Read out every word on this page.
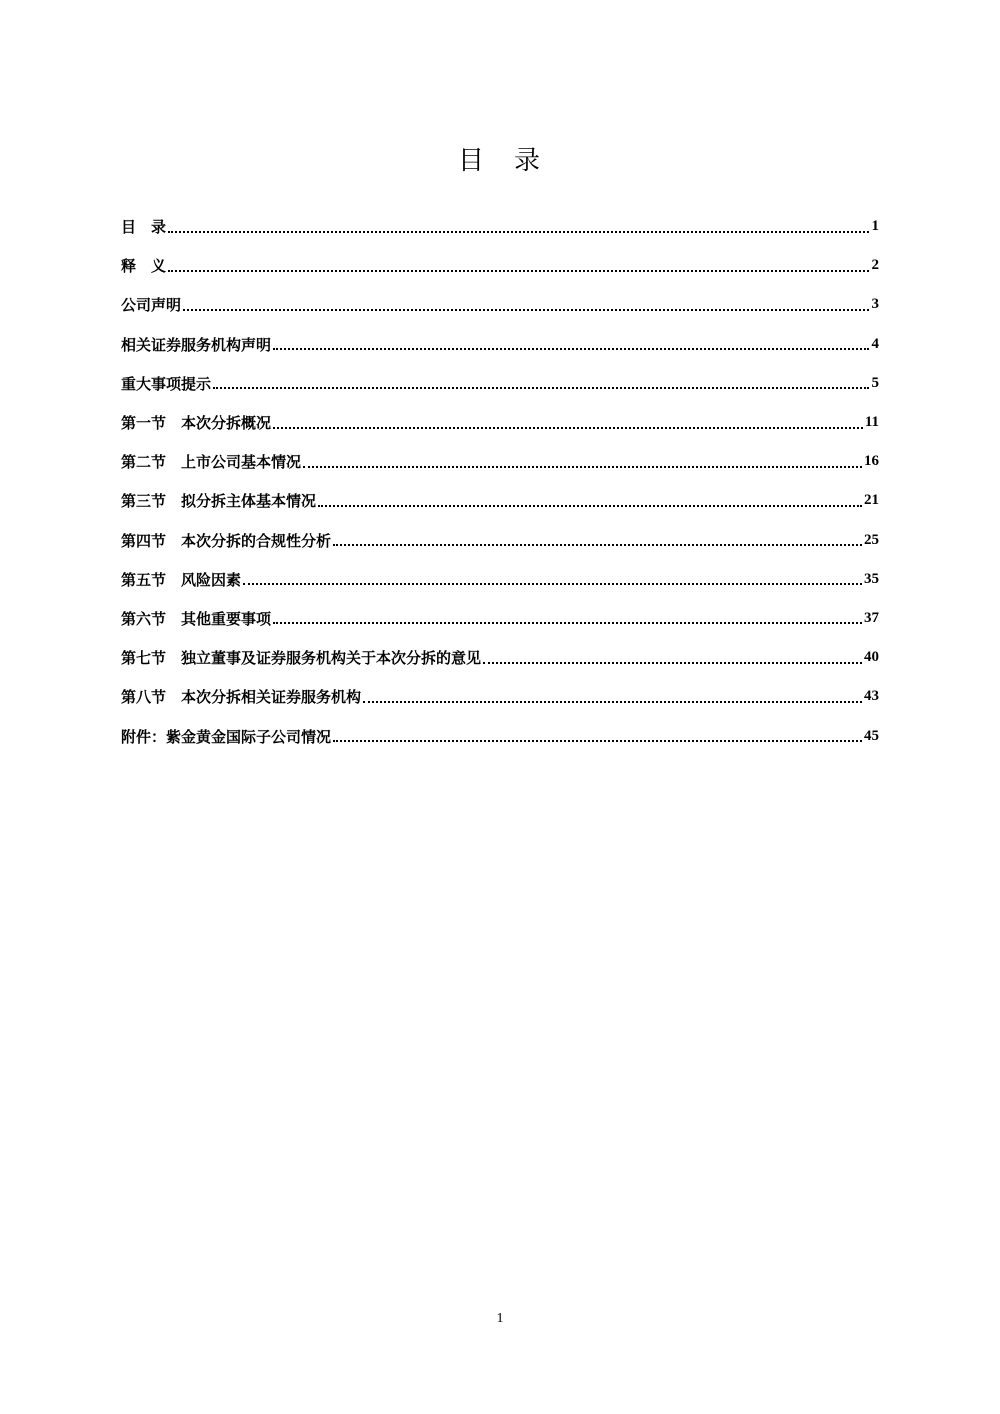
目　录
目　录	1
释　义	2
公司声明	3
相关证券服务机构声明	4
重大事项提示	5
第一节　本次分拆概况	11
第二节　上市公司基本情况	16
第三节　拟分拆主体基本情况	21
第四节　本次分拆的合规性分析	25
第五节　风险因素	35
第六节　其他重要事项	37
第七节　独立董事及证券服务机构关于本次分拆的意见	40
第八节　本次分拆相关证券服务机构	43
附件：紫金黄金国际子公司情况	45
1
